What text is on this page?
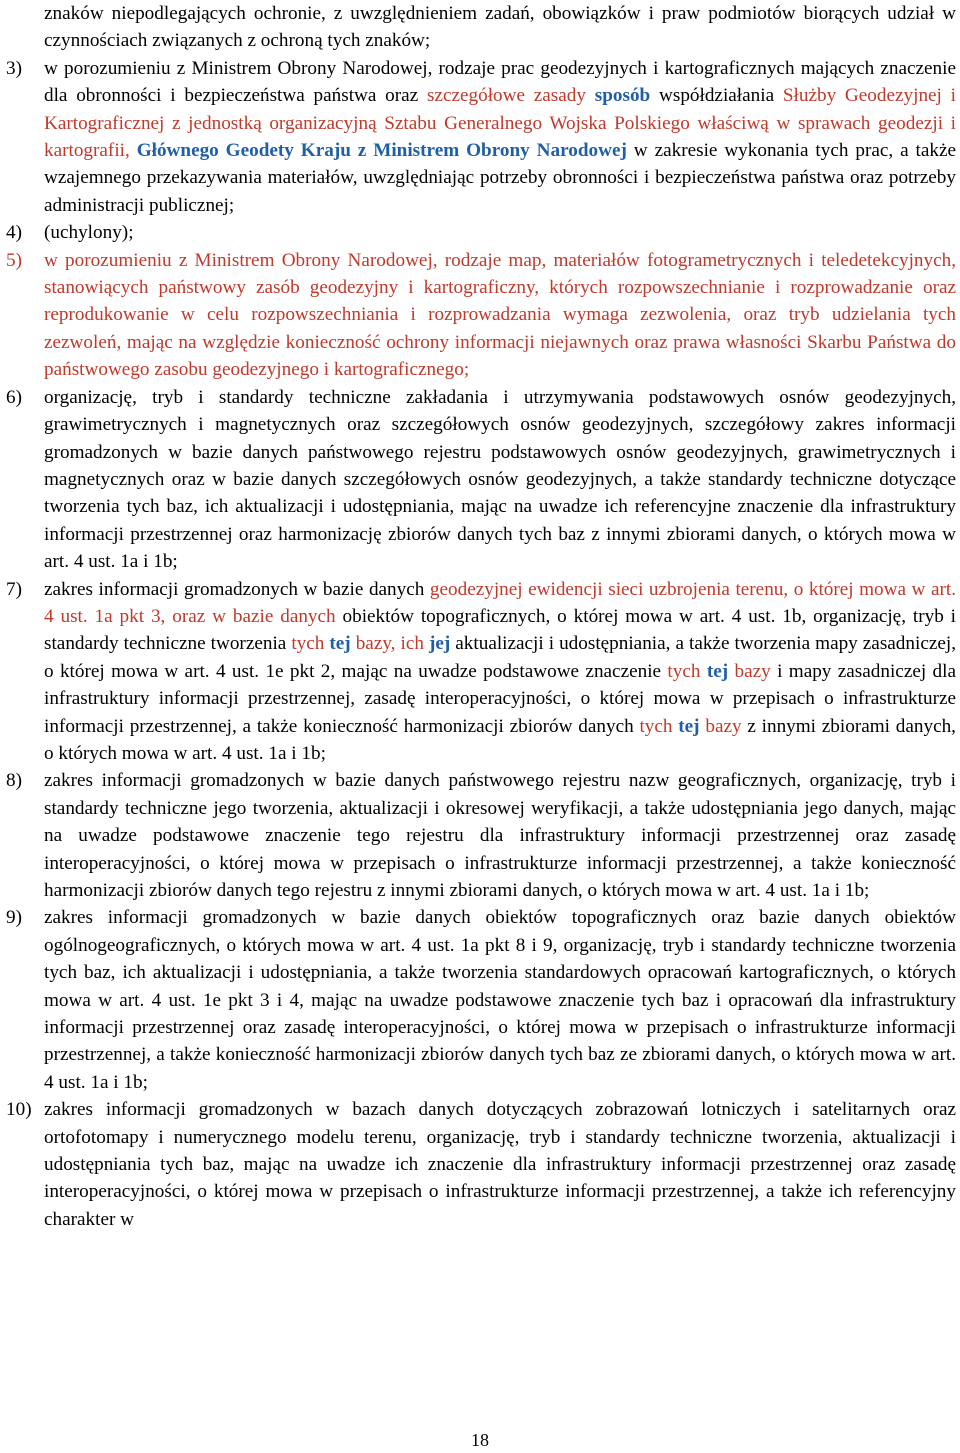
znaków niepodlegających ochronie, z uwzględnieniem zadań, obowiązków i praw podmiotów biorących udział w czynnościach związanych z ochroną tych znaków;

3)	w porozumieniu z Ministrem Obrony Narodowej, rodzaje prac geodezyjnych i kartograficznych mających znaczenie dla obronności i bezpieczeństwa państwa oraz szczegółowe zasady sposób współdziałania Służby Geodezyjnej i Kartograficznej z jednostką organizacyjną Sztabu Generalnego Wojska Polskiego właściwą w sprawach geodezji i kartografii, Głównego Geodety Kraju z Ministrem Obrony Narodowej w zakresie wykonania tych prac, a także wzajemnego przekazywania materiałów, uwzględniając potrzeby obronności i bezpieczeństwa państwa oraz potrzeby administracji publicznej;
4)	(uchylony);
5)	w porozumieniu z Ministrem Obrony Narodowej, rodzaje map, materiałów fotogrametrycznych i teledetekcyjnych, stanowiących państwowy zasób geodezyjny i kartograficzny, których rozpowszechnianie i rozprowadzanie oraz reprodukowanie w celu rozpowszechniania i rozprowadzania wymaga zezwolenia, oraz tryb udzielania tych zezwoleń, mając na względzie konieczność ochrony informacji niejawnych oraz prawa własności Skarbu Państwa do państwowego zasobu geodezyjnego i kartograficznego;
6)	organizację, tryb i standardy techniczne zakładania i utrzymywania podstawowych osnów geodezyjnych, grawimetrycznych i magnetycznych oraz szczegółowych osnów geodezyjnych, szczegółowy zakres informacji gromadzonych w bazie danych państwowego rejestru podstawowych osnów geodezyjnych, grawimetrycznych i magnetycznych oraz w bazie danych szczegółowych osnów geodezyjnych, a także standardy techniczne dotyczące tworzenia tych baz, ich aktualizacji i udostępniania, mając na uwadze ich referencyjne znaczenie dla infrastruktury informacji przestrzennej oraz harmonizację zbiorów danych tych baz z innymi zbiorami danych, o których mowa w art. 4 ust. 1a i 1b;
7)	zakres informacji gromadzonych w bazie danych geodezyjnej ewidencji sieci uzbrojenia terenu, o której mowa w art. 4 ust. 1a pkt 3, oraz w bazie danych obiektów topograficznych, o której mowa w art. 4 ust. 1b, organizację, tryb i standardy techniczne tworzenia tych tej bazy, ich jej aktualizacji i udostępniania, a także tworzenia mapy zasadniczej, o której mowa w art. 4 ust. 1e pkt 2, mając na uwadze podstawowe znaczenie tych tej bazy i mapy zasadniczej dla infrastruktury informacji przestrzennej, zasadę interoperacyjności, o której mowa w przepisach o infrastrukturze informacji przestrzennej, a także konieczność harmonizacji zbiorów danych tych tej bazy z innymi zbiorami danych, o których mowa w art. 4 ust. 1a i 1b;
8)	zakres informacji gromadzonych w bazie danych państwowego rejestru nazw geograficznych, organizację, tryb i standardy techniczne jego tworzenia, aktualizacji i okresowej weryfikacji, a także udostępniania jego danych, mając na uwadze podstawowe znaczenie tego rejestru dla infrastruktury informacji przestrzennej oraz zasadę interoperacyjności, o której mowa w przepisach o infrastrukturze informacji przestrzennej, a także konieczność harmonizacji zbiorów danych tego rejestru z innymi zbiorami danych, o których mowa w art. 4 ust. 1a i 1b;
9)	zakres informacji gromadzonych w bazie danych obiektów topograficznych oraz bazie danych obiektów ogólnogeograficznych, o których mowa w art. 4 ust. 1a pkt 8 i 9, organizację, tryb i standardy techniczne tworzenia tych baz, ich aktualizacji i udostępniania, a także tworzenia standardowych opracowań kartograficznych, o których mowa w art. 4 ust. 1e pkt 3 i 4, mając na uwadze podstawowe znaczenie tych baz i opracowań dla infrastruktury informacji przestrzennej oraz zasadę interoperacyjności, o której mowa w przepisach o infrastrukturze informacji przestrzennej, a także konieczność harmonizacji zbiorów danych tych baz ze zbiorami danych, o których mowa w art. 4 ust. 1a i 1b;
10) zakres informacji gromadzonych w bazach danych dotyczących zobrazowań lotniczych i satelitarnych oraz ortofotomapy i numerycznego modelu terenu, organizację, tryb i standardy techniczne tworzenia, aktualizacji i udostępniania tych baz, mając na uwadze ich znaczenie dla infrastruktury informacji przestrzennej oraz zasadę interoperacyjności, o której mowa w przepisach o infrastrukturze informacji przestrzennej, a także ich referencyjny charakter w
18
